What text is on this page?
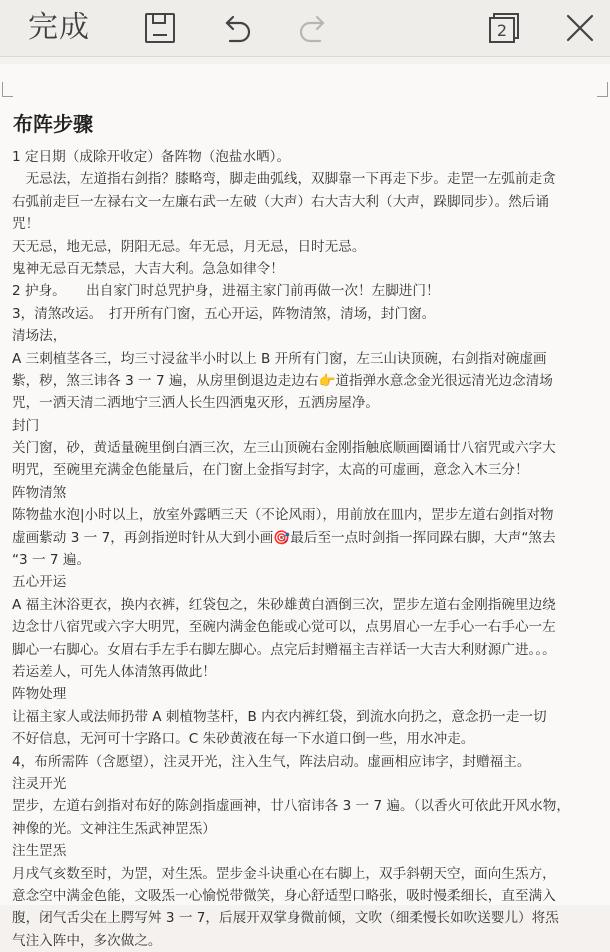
完成	2
布阵步骤
1 定日期（成除开收定）备阵物（泡盐水晒）。
　无忌法，左道指右剑指？膝略弯，脚走曲弧线，双脚靠一下再走下步。走罡一左弧前走贪
右弧前走巨一左禄右文一左廉右武一左破（大声）右大吉大利（大声，跺脚同步）。然后诵
咒！
天无忌，地无忌，阴阳无忌。年无忌，月无忌，日时无忌。
鬼神无忌百无禁忌，大吉大利。急急如律令！
2 护身。　　出自家门时总咒护身，进福主家门前再做一次！左脚进门！
3，清煞改运。　打开所有门窗，五心开运，阵物清煞，清场，封门窗。
清场法，
A 三刺植茎各三，均三寸浸盆半小时以上 B 开所有门窗，左三山诀顶碗，右剑指对碗虚画
紫，秽，煞三讳各 3 一 7 遍，从房里倒退边走边右👉道指弹水意念金光很远清光边念清场
咒，一洒天清二洒地宁三洒人长生四洒鬼灭形，五洒房屋净。
封门
关门窗，砂，黄适量碗里倒白酒三次，左三山顶碗右金刚指触底顺画圈诵廿八宿咒或六字大
明咒，至碗里充满金色能量后，在门窗上金指写封字，太高的可虚画，意念入木三分！
阵物清煞
陈物盐水泡|小时以上，放室外露晒三天（不论风雨），用前放在皿内，罡步左道右剑指对物
虚画紫动 3 一 7，再剑指逆时针从大到小画🎯最后至一点时剑指一挥同跺右脚，大声“煞去
“3 一 7 遍。
五心开运
A 福主沐浴更衣，换内衣裤，红袋包之，朱砂雄黄白酒倒三次，罡步左道右金刚指碗里边绕
边念廿八宿咒或六字大明咒，至碗内满金色能或心觉可以，点男眉心一左手心一右手心一左
脚心一右脚心。女眉右手左手右脚左脚心。点完后封赠福主吉祥话一大吉大利财源广进。。。
若运差人，可先人体清煞再做此！
阵物处理
让福主家人或法师扔带 A 刺植物茎杆，B 内衣内裤红袋，到流水向扔之，意念扔一走一切
不好信息，无河可十字路口。C 朱砂黄液在每一下水道口倒一些，用水冲走。
4，布所需阵（含愿望），注灵开光，注入生气，阵法启动。虚画相应讳字，封赠福主。
注灵开光
罡步，左道右剑指对布好的陈剑指虚画神，廿八宿讳各 3 一 7 遍。（以香火可依此开风水物，
神像的光。文神注生炁武神罡炁）
注生罡炁
月戌气亥数至时，为罡，对生炁。罡步金斗诀重心在右脚上，双手斜朝天空，面向生炁方，
意念空中满金色能，文吸炁一心愉悦带微笑，身心舒适型口略张，吸时慢柔细长，直至满入
腹，闭气舌尖在上腭写舛 3 一 7，后展开双掌身微前倾，文吹（细柔慢长如吹送婴儿）将炁
气注入阵中，多次做之。
